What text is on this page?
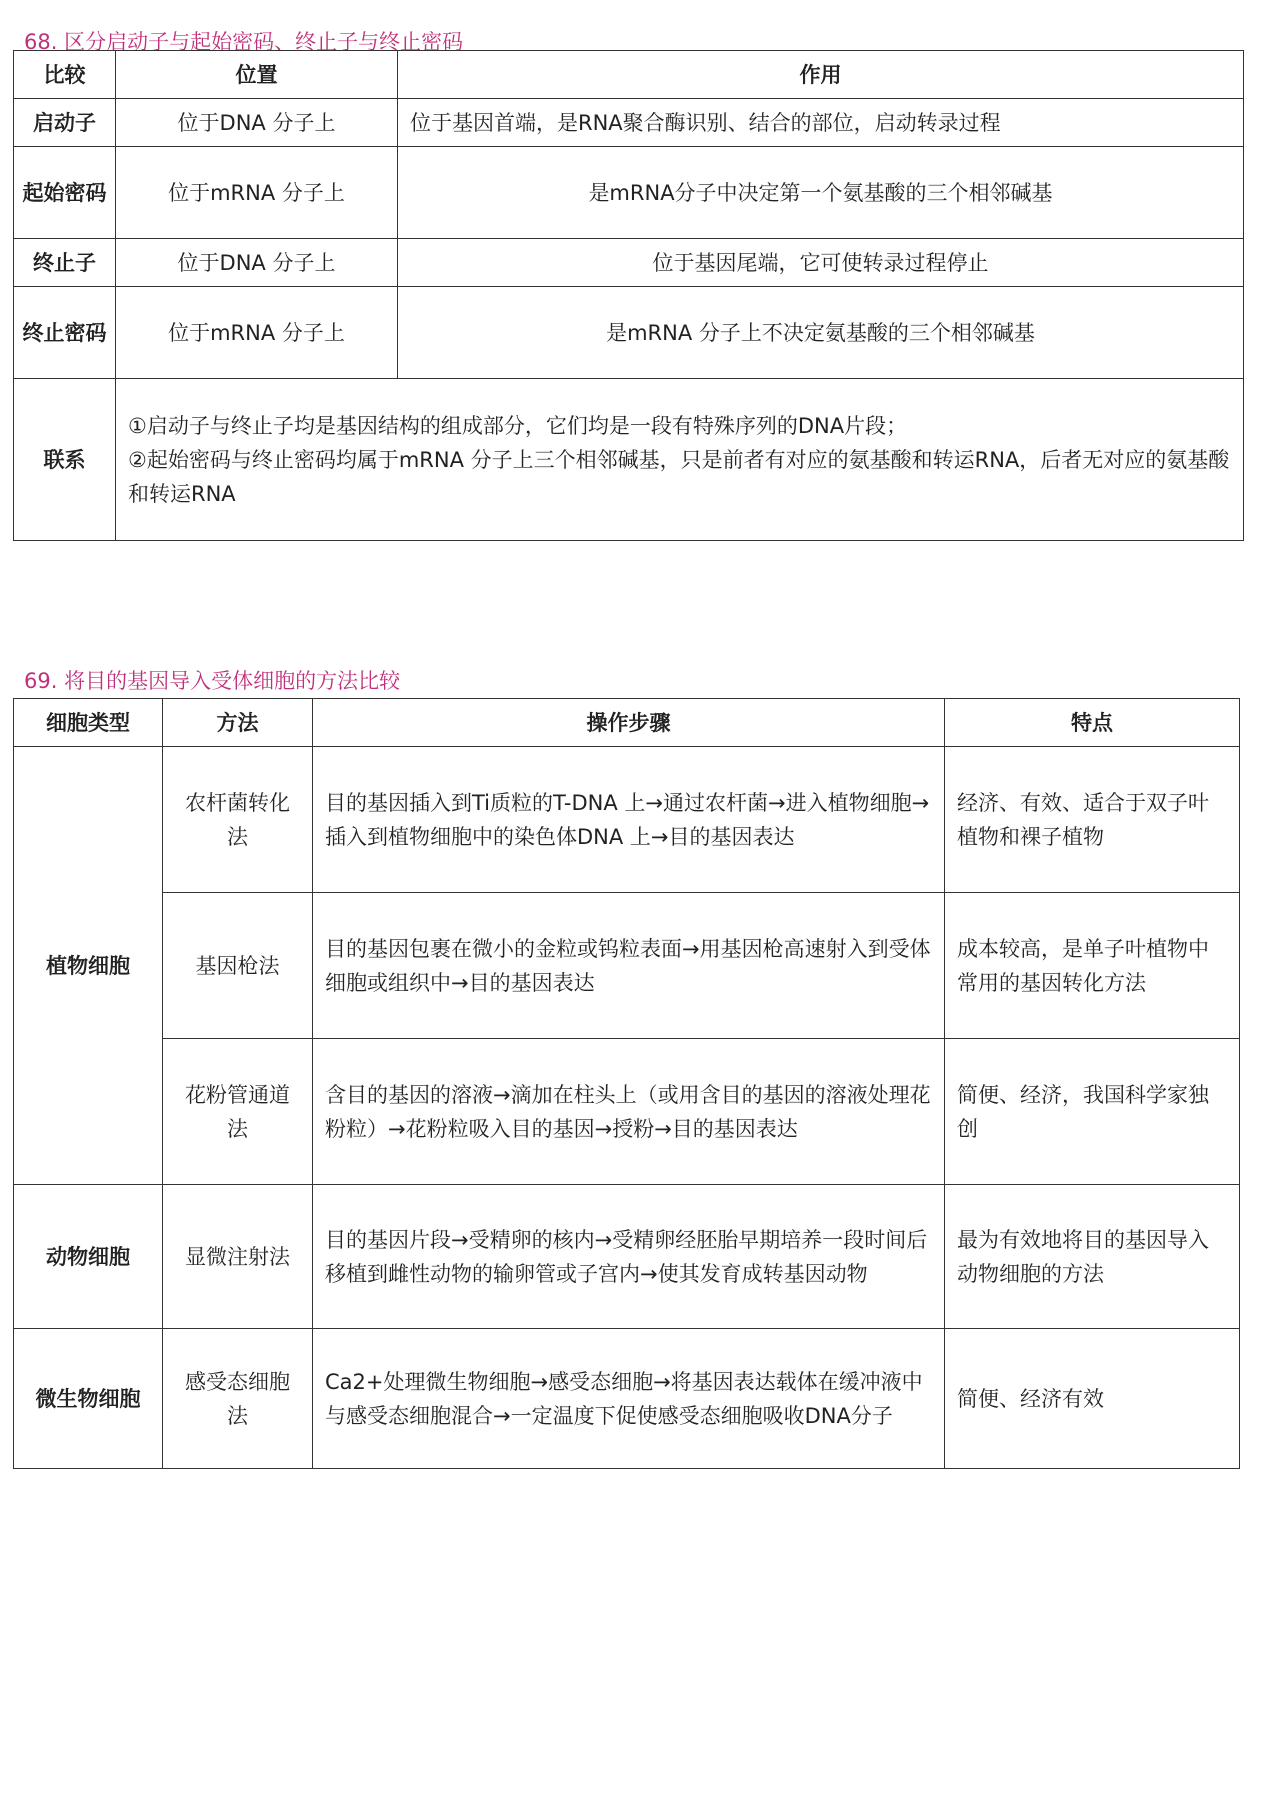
68. 区分启动子与起始密码、终止子与终止密码
比较	位置	作用
启动子	位于DNA 分子上	位于基因首端，是RNA聚合酶识别、结合的部位，启动转录过程
起始密码	位于mRNA 分子上	是mRNA分子中决定第一个氨基酸的三个相邻碱基
终止子	位于DNA 分子上	位于基因尾端，它可使转录过程停止
终止密码	位于mRNA 分子上	是mRNA 分子上不决定氨基酸的三个相邻碱基
联系	①启动子与终止子均是基因结构的组成部分，它们均是一段有特殊序列的DNA片段；
②起始密码与终止密码均属于mRNA 分子上三个相邻碱基，只是前者有对应的氨基酸和转运RNA，后者无对应的氨基酸和转运RNA	
69. 将目的基因导入受体细胞的方法比较
细胞类型	方法	操作步骤	特点
植物细胞	农杆菌转化法	目的基因插入到Ti质粒的T-DNA 上→通过农杆菌→进入植物细胞→插入到植物细胞中的染色体DNA 上→目的基因表达	经济、有效、适合于双子叶植物和裸子植物
	基因枪法	目的基因包裹在微小的金粒或钨粒表面→用基因枪高速射入到受体细胞或组织中→目的基因表达	成本较高，是单子叶植物中常用的基因转化方法
	花粉管通道法	含目的基因的溶液→滴加在柱头上（或用含目的基因的溶液处理花粉粒）→花粉粒吸入目的基因→授粉→目的基因表达	简便、经济，我国科学家独创
动物细胞	显微注射法	目的基因片段→受精卵的核内→受精卵经胚胎早期培养一段时间后移植到雌性动物的输卵管或子宫内→使其发育成转基因动物	最为有效地将目的基因导入动物细胞的方法
微生物细胞	感受态细胞法	Ca2+处理微生物细胞→感受态细胞→将基因表达载体在缓冲液中与感受态细胞混合→一定温度下促使感受态细胞吸收DNA分子	简便、经济有效
